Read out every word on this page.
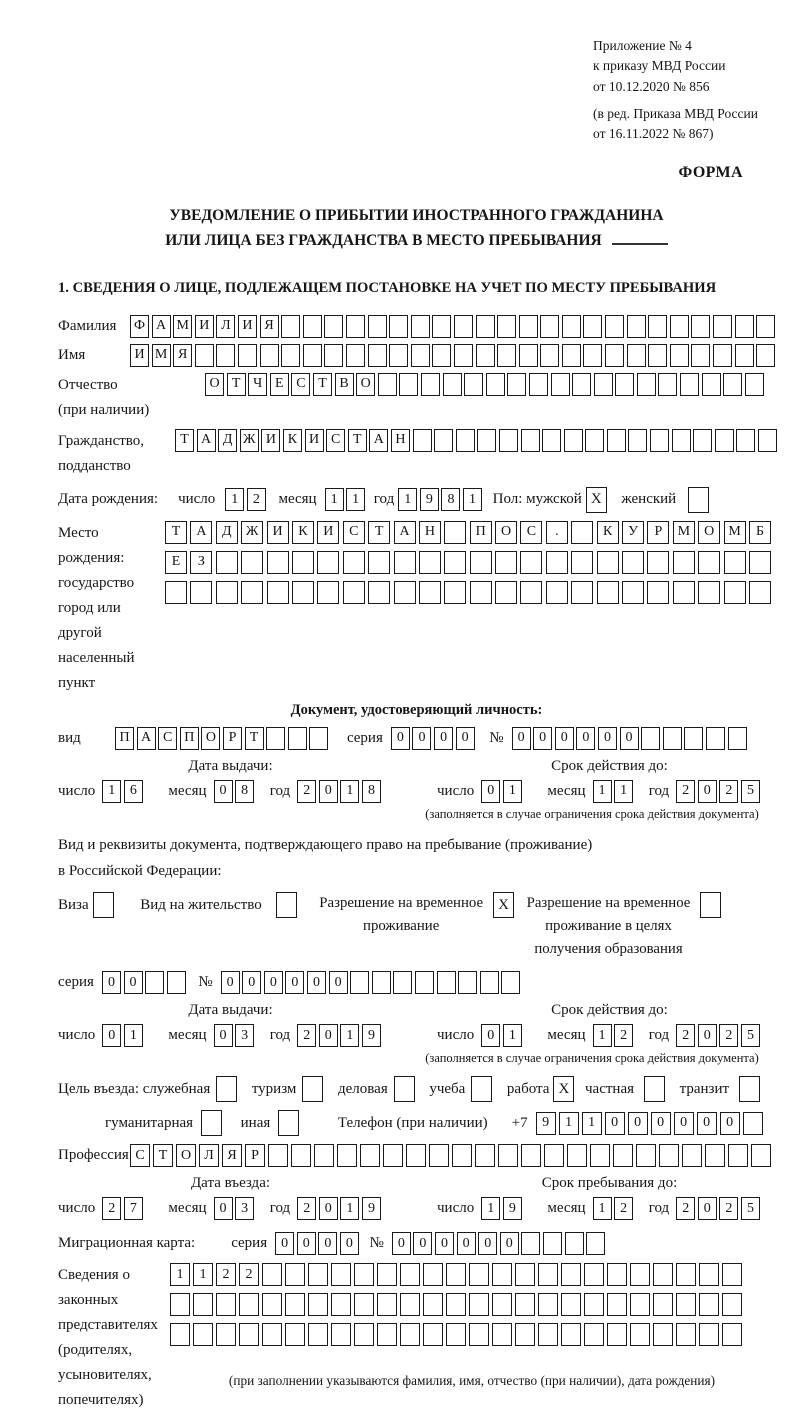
Приложение № 4
к приказу МВД России
от 10.12.2020 № 856
(в ред. Приказа МВД России
от 16.11.2022 № 867)
ФОРМА
УВЕДОМЛЕНИЕ О ПРИБЫТИИ ИНОСТРАННОГО ГРАЖДАНИНА
ИЛИ ЛИЦА БЕЗ ГРАЖДАНСТВА В МЕСТО ПРЕБЫВАНИЯ
1. СВЕДЕНИЯ О ЛИЦЕ, ПОДЛЕЖАЩЕМ ПОСТАНОВКЕ НА УЧЕТ ПО МЕСТУ ПРЕБЫВАНИЯ
Фамилия	Ф А М И Л И Я
Имя	И М Я
Отчество
(при наличии)
О Т Ч Е С Т В О
Гражданство,
подданство
Т А Д Ж И К И С Т А Н
Дата рождения: число	1	2	месяц	1	1 год 1	9	8	1	Пол: мужской X	женский
Место рождения:
государство
город или другой
населенный пункт
Т	А	Д	Ж	И	К	И	С	Т	А	Н	П	О	С	.	К	У	Р	М	О	М	Б

Е	З

Документ, удостоверяющий личность:
вид	П А С П О Р Т	серия	0	0	0	0	№	0	0	0	0	0	0
Дата выдачи:
число 1	6	месяц 0	8	год 2	0	1	8
Срок действия до:
число 0	1	месяц 1	1	год 2	0	2	5
(заполняется в случае ограничения срока действия документа)
Вид и реквизиты документа, подтверждающего право на пребывание (проживание)
в Российской Федерации:
Виза	Вид на жительство	Разрешение на временное
проживание
X	Разрешение на временное
проживание в целях
получения образования
серия	0	0	№	0	0	0	0	0	0
Дата выдачи:
число 0	1	месяц 0	3	год 2	0	1	9
Срок действия до:
число 0	1	месяц 1	2	год 2	0	2	5
(заполняется в случае ограничения срока действия документа)
Цель въезда: служебная	туризм	деловая	учеба	работа X	частная	транзит
гуманитарная	иная	Телефон (при наличии) +7	9	1	1	0	0	0	0	0	0
Профессия С	Т О Л Я	Р
Дата въезда:
число 2	7	месяц 0	3	год 2	0	1	9
Срок пребывания до:
число 1	9	месяц 1	2	год 2	0	2	5
Миграционная карта: серия	0	0	0	0	№	0	0	0	0	0	0
Сведения о
законных
представителях
(родителях,
усыновителях,
попечителях)
1	1	2	2

(при заполнении указываются фамилия, имя, отчество (при наличии), дата рождения)
